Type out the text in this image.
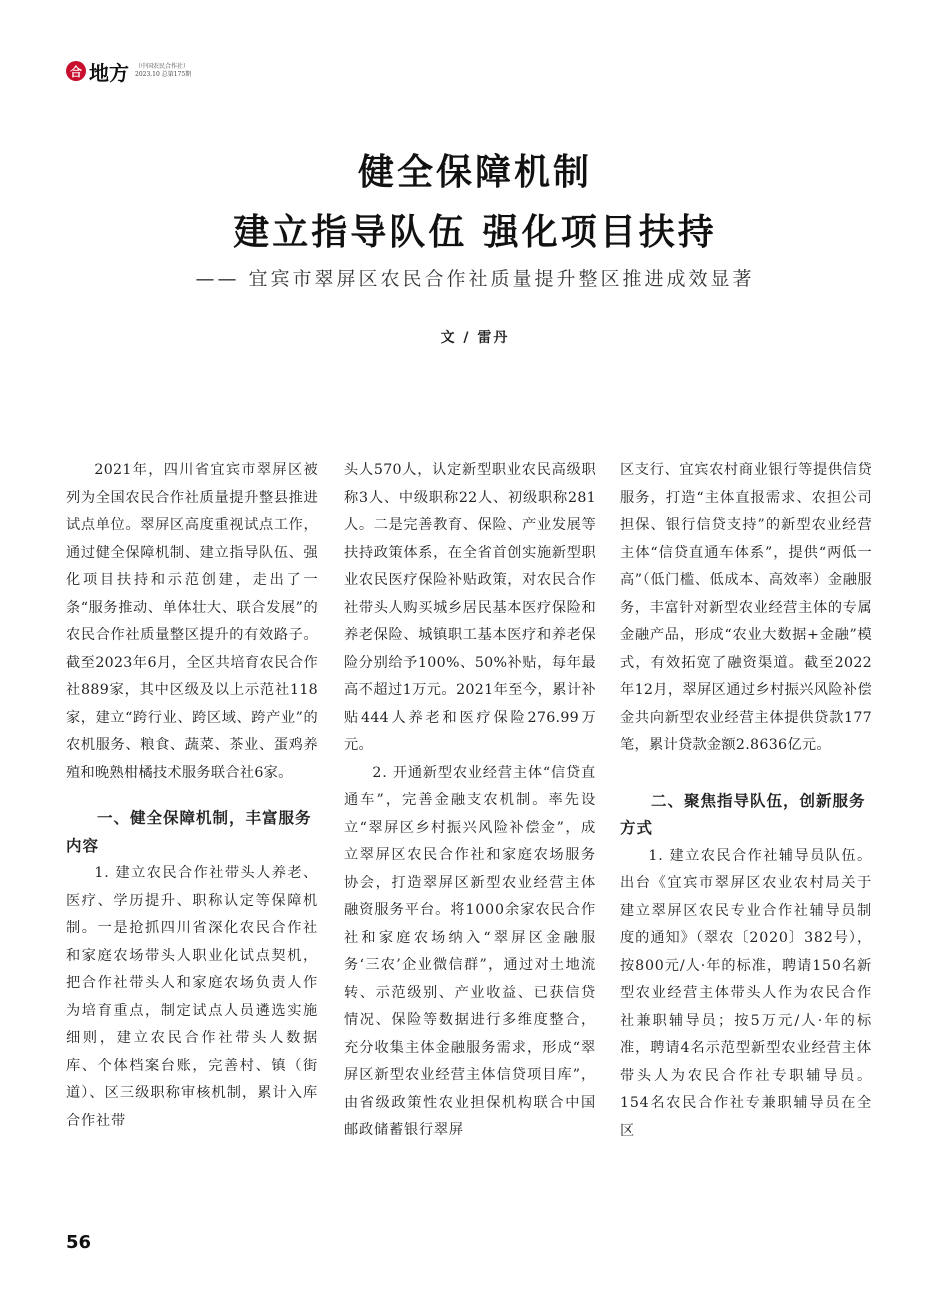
合 地方 （中国农民合作社）
2023.10 总第175期
健全保障机制
建立指导队伍 强化项目扶持
—— 宜宾市翠屏区农民合作社质量提升整区推进成效显著
文 / 雷丹

2021年，四川省宜宾市翠屏区被列为全国农民合作社质量提升整县推进试点单位。翠屏区高度重视试点工作，通过健全保障机制、建立指导队伍、强化项目扶持和示范创建，走出了一条“服务推动、单体壮大、联合发展”的农民合作社质量整区提升的有效路子。截至2023年6月，全区共培育农民合作社889家，其中区级及以上示范社118家，建立“跨行业、跨区域、跨产业”的农机服务、粮食、蔬菜、茶业、蛋鸡养殖和晚熟柑橘技术服务联合社6家。

一、健全保障机制，丰富服务内容

1. 建立农民合作社带头人养老、医疗、学历提升、职称认定等保障机制。一是抢抓四川省深化农民合作社和家庭农场带头人职业化试点契机，把合作社带头人和家庭农场负责人作为培育重点，制定试点人员遴选实施细则，建立农民合作社带头人数据库、个体档案台账，完善村、镇（街道）、区三级职称审核机制，累计入库合作社带

头人570人，认定新型职业农民高级职称3人、中级职称22人、初级职称281人。二是完善教育、保险、产业发展等扶持政策体系，在全省首创实施新型职业农民医疗保险补贴政策，对农民合作社带头人购买城乡居民基本医疗保险和养老保险、城镇职工基本医疗和养老保险分别给予100%、50%补贴，每年最高不超过1万元。2021年至今，累计补贴444人养老和医疗保险276.99万元。

2. 开通新型农业经营主体“信贷直通车”，完善金融支农机制。率先设立“翠屏区乡村振兴风险补偿金”，成立翠屏区农民合作社和家庭农场服务协会，打造翠屏区新型农业经营主体融资服务平台。将1000余家农民合作社和家庭农场纳入“翠屏区金融服务‘三农’企业微信群”，通过对土地流转、示范级别、产业收益、已获信贷情况、保险等数据进行多维度整合，充分收集主体金融服务需求，形成“翠屏区新型农业经营主体信贷项目库”，由省级政策性农业担保机构联合中国邮政储蓄银行翠屏

区支行、宜宾农村商业银行等提供信贷服务，打造“主体直报需求、农担公司担保、银行信贷支持”的新型农业经营主体“信贷直通车体系”，提供“两低一高”（低门槛、低成本、高效率）金融服务，丰富针对新型农业经营主体的专属金融产品，形成“农业大数据+金融”模式，有效拓宽了融资渠道。截至2022年12月，翠屏区通过乡村振兴风险补偿金共向新型农业经营主体提供贷款177笔，累计贷款金额2.8636亿元。

二、聚焦指导队伍，创新服务方式

1. 建立农民合作社辅导员队伍。出台《宜宾市翠屏区农业农村局关于建立翠屏区农民专业合作社辅导员制度的通知》（翠农〔2020〕382号），按800元/人·年的标准，聘请150名新型农业经营主体带头人作为农民合作社兼职辅导员；按5万元/人·年的标准，聘请4名示范型新型农业经营主体带头人为农民合作社专职辅导员。154名农民合作社专兼职辅导员在全区

56
